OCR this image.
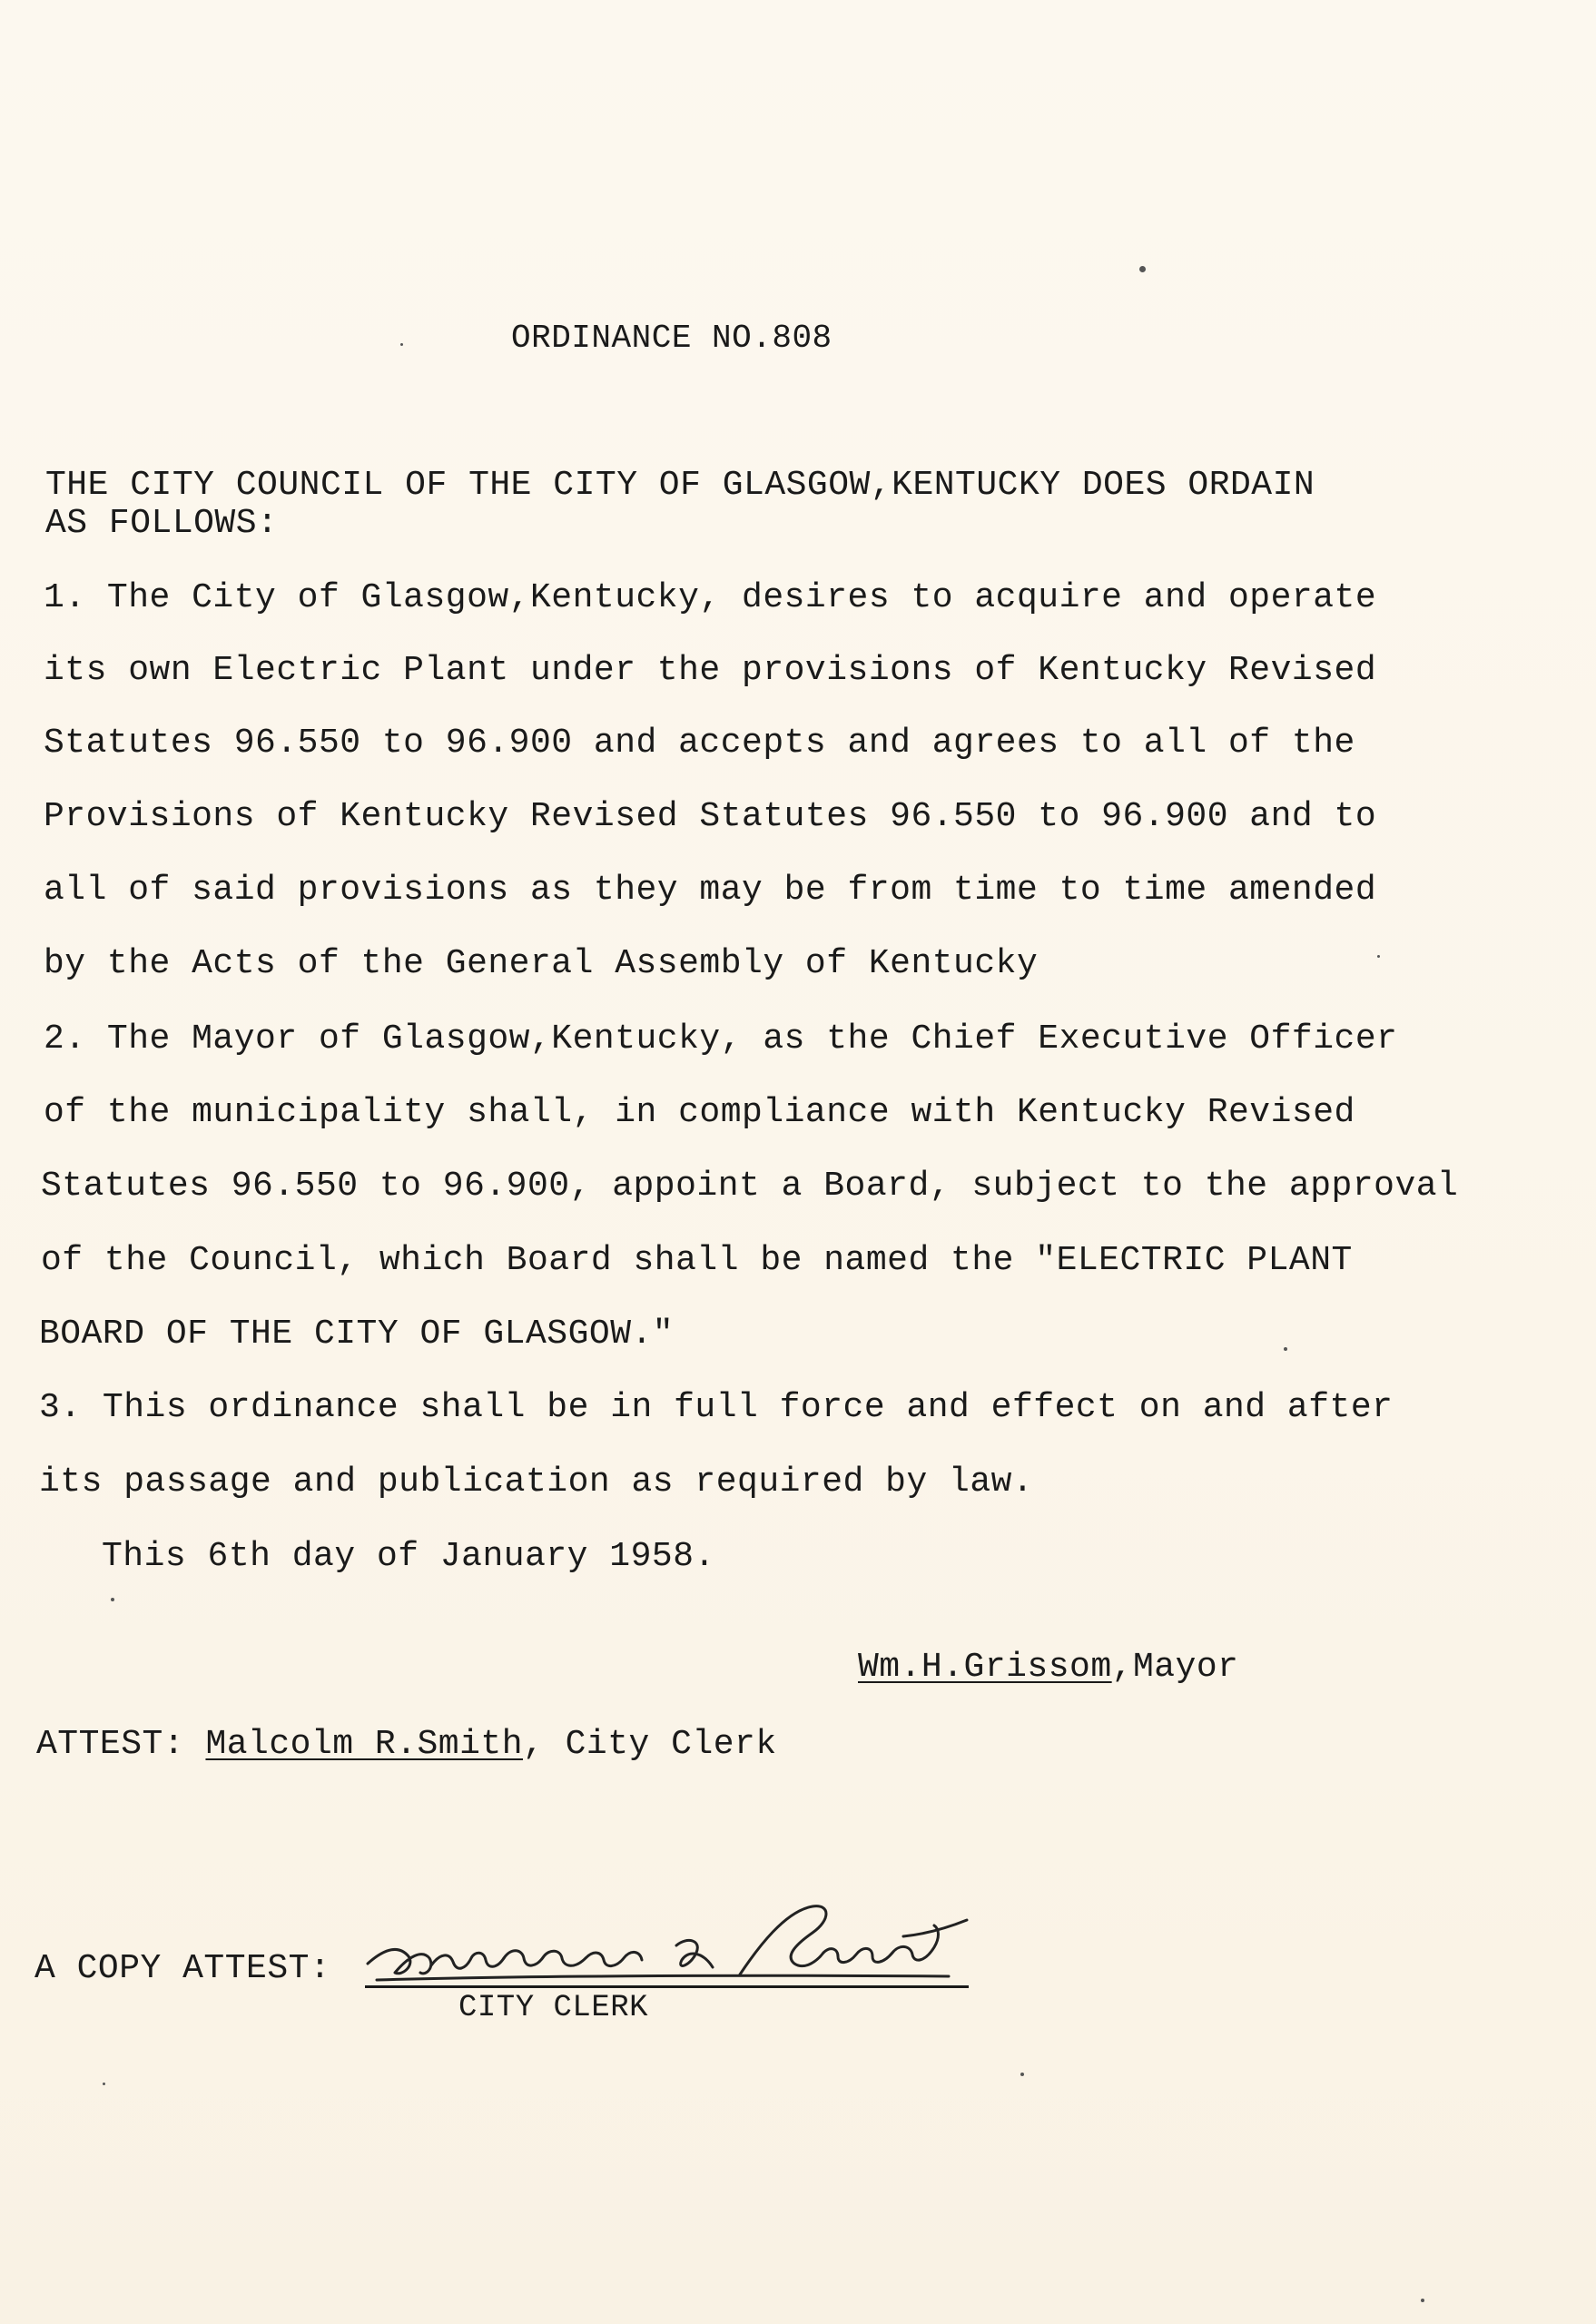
ORDINANCE NO.808
THE CITY COUNCIL OF THE CITY OF GLASGOW,KENTUCKY DOES ORDAIN
AS FOLLOWS:
1. The City of Glasgow,Kentucky, desires to acquire and operate
its own Electric Plant under the provisions of Kentucky Revised
Statutes 96.550 to 96.900 and accepts and agrees to all of the
Provisions of Kentucky Revised Statutes 96.550 to 96.900 and to
all of said provisions as they may be from time to time amended
by the Acts of the General Assembly of Kentucky
2. The Mayor of Glasgow,Kentucky, as the Chief Executive Officer
of the municipality shall, in compliance with Kentucky Revised
Statutes 96.550 to 96.900, appoint a Board, subject to the approval
of the Council, which Board shall be named the "ELECTRIC PLANT
BOARD OF THE CITY OF GLASGOW."
3. This ordinance shall be in full force and effect on and after
its passage and publication as required by law.
This 6th day of January 1958.
Wm.H.Grissom,Mayor
ATTEST: Malcolm R.Smith, City Clerk
A COPY ATTEST:
CITY CLERK
